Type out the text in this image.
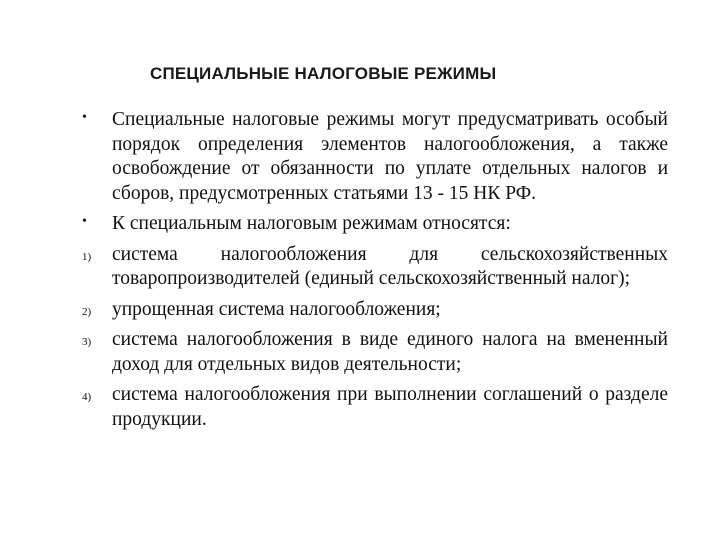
СПЕЦИАЛЬНЫЕ НАЛОГОВЫЕ РЕЖИМЫ
•	Специальные налоговые режимы могут предусматривать особый порядок определения элементов налогообложения, а также освобождение от обязанности по уплате отдельных налогов и сборов, предусмотренных статьями 13 - 15 НК РФ.
•	К специальным налоговым режимам относятся:
1)	система налогообложения для сельскохозяйственных товаропроизводителей (единый сельскохозяйственный налог);
2)	упрощенная система налогообложения;
3)	система налогообложения в виде единого налога на вмененный доход для отдельных видов деятельности;
4)	система налогообложения при выполнении соглашений о разделе продукции.
